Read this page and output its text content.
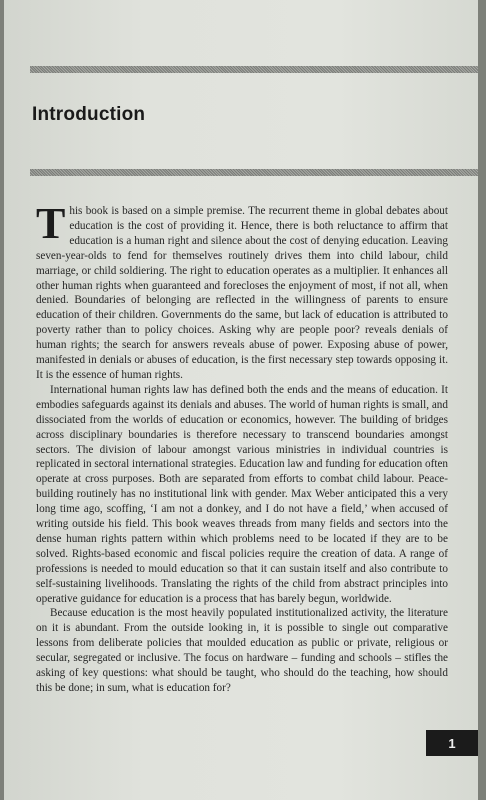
Introduction

This book is based on a simple premise. The recurrent theme in global debates about education is the cost of providing it. Hence, there is both reluctance to affirm that education is a human right and silence about the cost of denying education. Leaving seven-year-olds to fend for themselves routinely drives them into child labour, child marriage, or child soldiering. The right to education operates as a multiplier. It enhances all other human rights when guaranteed and forecloses the enjoyment of most, if not all, when denied. Boundaries of belonging are reflected in the willingness of parents to ensure education of their children. Governments do the same, but lack of education is attributed to poverty rather than to policy choices. Asking why are people poor? reveals denials of human rights; the search for answers reveals abuse of power. Exposing abuse of power, manifested in denials or abuses of education, is the first necessary step towards opposing it. It is the essence of human rights.

International human rights law has defined both the ends and the means of education. It embodies safeguards against its denials and abuses. The world of human rights is small, and dissociated from the worlds of education or economics, however. The building of bridges across disciplinary boundaries is therefore necessary to transcend boundaries amongst sectors. The division of labour amongst various ministries in individual countries is replicated in sectoral international strategies. Education law and funding for education often operate at cross purposes. Both are separated from efforts to combat child labour. Peace-building routinely has no institutional link with gender. Max Weber anticipated this a very long time ago, scoffing, ‘I am not a donkey, and I do not have a field,’ when accused of writing outside his field. This book weaves threads from many fields and sectors into the dense human rights pattern within which problems need to be located if they are to be solved. Rights-based economic and fiscal policies require the creation of data. A range of professions is needed to mould education so that it can sustain itself and also contribute to self-sustaining livelihoods. Translating the rights of the child from abstract principles into operative guidance for education is a process that has barely begun, worldwide.

Because education is the most heavily populated institutionalized activity, the literature on it is abundant. From the outside looking in, it is possible to single out comparative lessons from deliberate policies that moulded education as public or private, religious or secular, segregated or inclusive. The focus on hardware – funding and schools – stifles the asking of key questions: what should be taught, who should do the teaching, how should this be done; in sum, what is education for?

1
